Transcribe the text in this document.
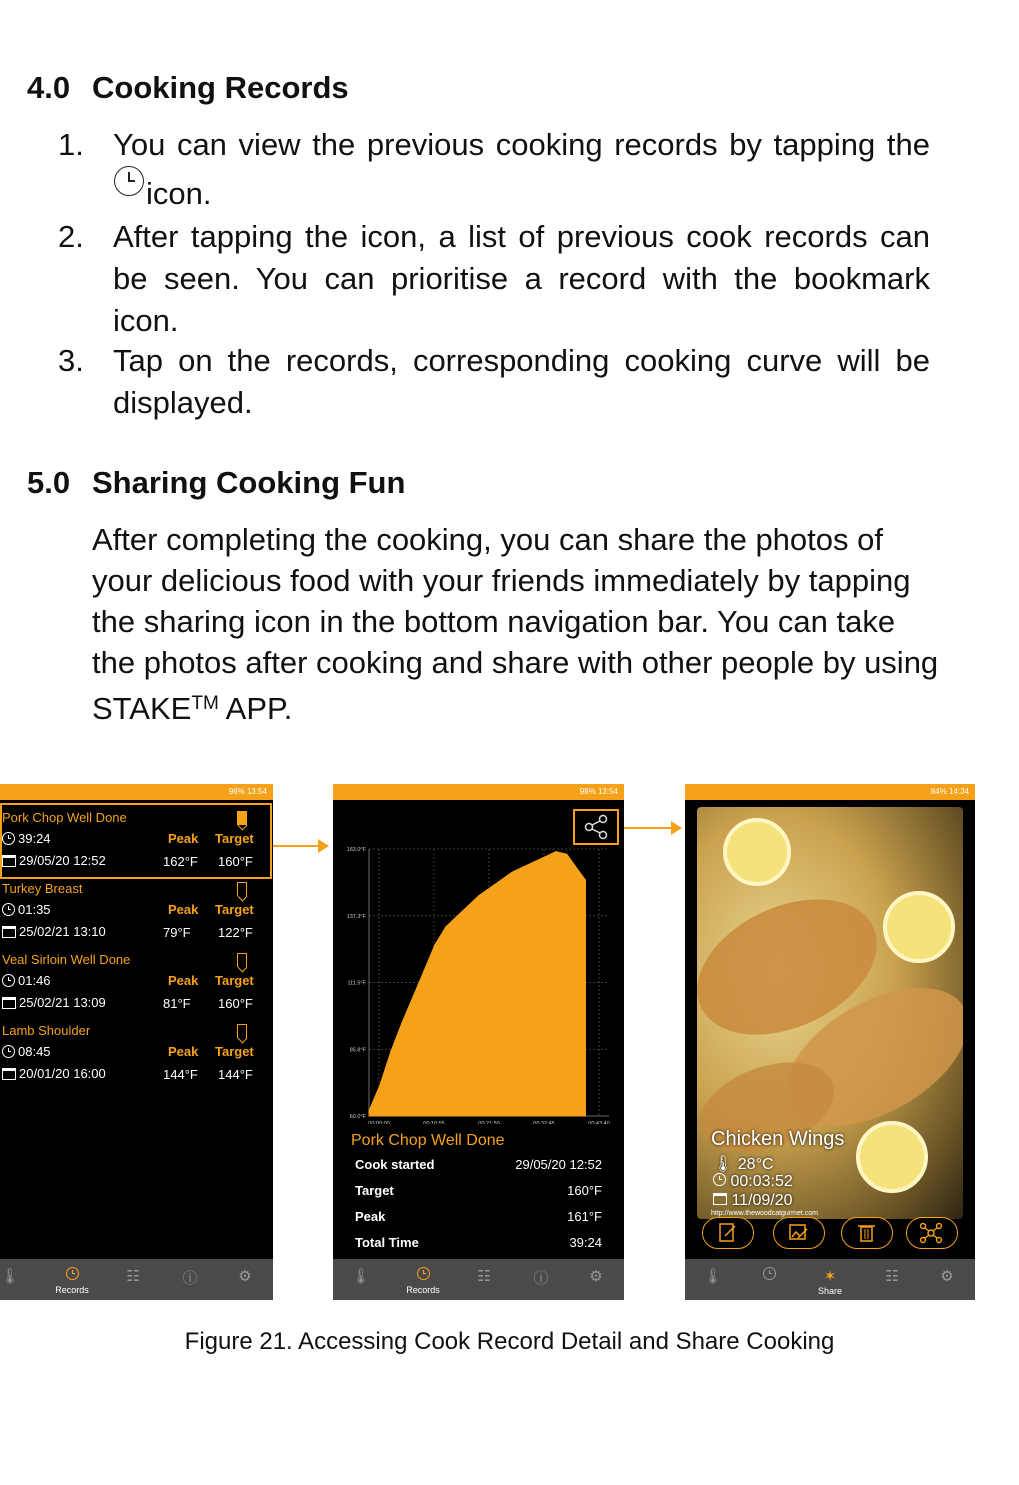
4.0 Cooking Records
1. You can view the previous cooking records by tapping theicon.
2. After tapping the icon, a list of previous cook records can be seen. You can prioritise a record with the bookmark icon.
3. Tap on the records, corresponding cooking curve will be displayed.
5.0 Sharing Cooking Fun
After completing the cooking, you can share the photos of your delicious food with your friends immediately by tapping the sharing icon in the bottom navigation bar. You can take the photos after cooking and share with other people by using STAKE™ APP.
98% 13:54
Pork Chop Well Done
39:24
29/05/20 12:52
Peak Target
162°F 160°F
Turkey Breast
01:35
25/02/21 13:10
Peak Target
79°F 122°F
Veal Sirloin Well Done
01:46
25/02/21 13:09
Peak Target
81°F 160°F
Lamb Shoulder
08:45
20/01/20 16:00
Peak Target
144°F 144°F
🌡
Records
☷	ⓘ	⚙
98% 13:54
163.0°F
137.3°F
111.5°F
85.8°F
60.0°F
00:00:00	00:10:55	00:21:50	00:32:45	00:43:40
Pork Chop Well Done
Cook started	29/05/20 12:52
Target	160°F
Peak	161°F
Total Time	39:24
🌡
Records
☷	ⓘ	⚙
84% 14:34
Chicken Wings
🌡 28°C
00:03:52
11/09/20
http://www.thewoodcatgurmet.com
🌡	✶
Share
☷	⚙
Figure 21. Accessing Cook Record Detail and Share Cooking
